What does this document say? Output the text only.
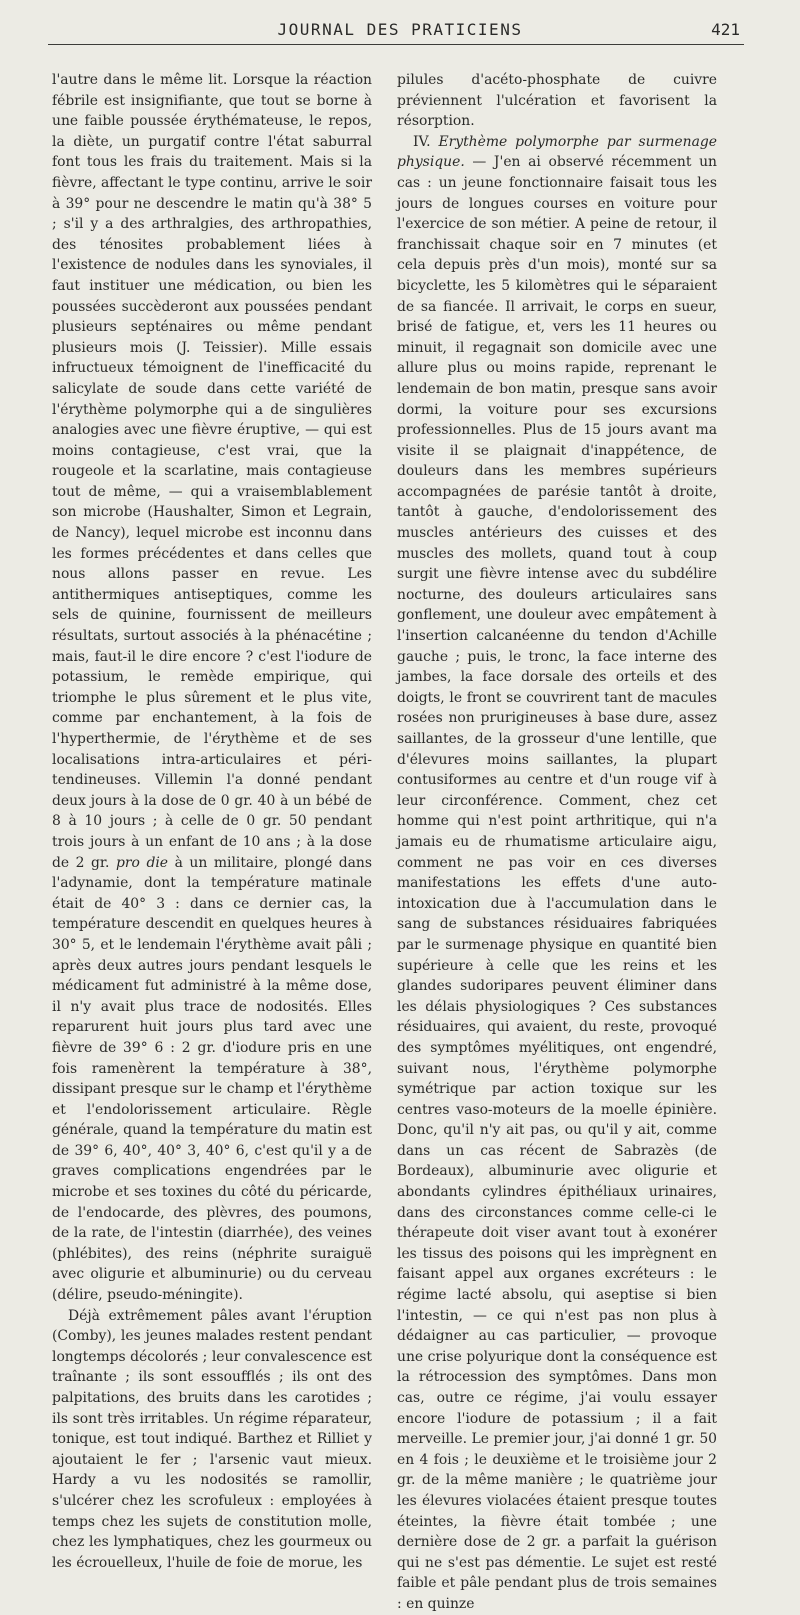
JOURNAL DES PRATICIENS	421

l'autre dans le même lit. Lorsque la réaction fébrile est insignifiante, que tout se borne à une faible poussée érythémateuse, le repos, la diète, un purgatif contre l'état saburral font tous les frais du traitement. Mais si la fièvre, affectant le type continu, arrive le soir à 39° pour ne descendre le matin qu'à 38° 5 ; s'il y a des arthralgies, des arthropathies, des ténosites probablement liées à l'existence de nodules dans les synoviales, il faut instituer une médication, ou bien les poussées succèderont aux poussées pendant plusieurs septénaires ou même pendant plusieurs mois (J. Teissier). Mille essais infructueux témoignent de l'inefficacité du salicylate de soude dans cette variété de l'érythème polymorphe qui a de singulières analogies avec une fièvre éruptive, — qui est moins contagieuse, c'est vrai, que la rougeole et la scarlatine, mais contagieuse tout de même, — qui a vraisemblablement son microbe (Haushalter, Simon et Legrain, de Nancy), lequel microbe est inconnu dans les formes précédentes et dans celles que nous allons passer en revue. Les antithermiques antiseptiques, comme les sels de quinine, fournissent de meilleurs résultats, surtout associés à la phénacétine ; mais, faut-il le dire encore ? c'est l'iodure de potassium, le remède empirique, qui triomphe le plus sûrement et le plus vite, comme par enchantement, à la fois de l'hyperthermie, de l'érythème et de ses localisations intra-articulaires et péri-tendineuses. Villemin l'a donné pendant deux jours à la dose de 0 gr. 40 à un bébé de 8 à 10 jours ; à celle de 0 gr. 50 pendant trois jours à un enfant de 10 ans ; à la dose de 2 gr. pro die à un militaire, plongé dans l'adynamie, dont la température matinale était de 40° 3 : dans ce dernier cas, la température descendit en quelques heures à 30° 5, et le lendemain l'érythème avait pâli ; après deux autres jours pendant lesquels le médicament fut administré à la même dose, il n'y avait plus trace de nodosités. Elles reparurent huit jours plus tard avec une fièvre de 39° 6 : 2 gr. d'iodure pris en une fois ramenèrent la température à 38°, dissipant presque sur le champ et l'érythème et l'endolorissement articulaire. Règle générale, quand la température du matin est de 39° 6, 40°, 40° 3, 40° 6, c'est qu'il y a de graves complications engendrées par le microbe et ses toxines du côté du péricarde, de l'endocarde, des plèvres, des poumons, de la rate, de l'intestin (diarrhée), des veines (phlébites), des reins (néphrite suraiguë avec oligurie et albuminurie) ou du cerveau (délire, pseudo-méningite).

Déjà extrêmement pâles avant l'éruption (Comby), les jeunes malades restent pendant longtemps décolorés ; leur convalescence est traînante ; ils sont essoufflés ; ils ont des palpitations, des bruits dans les carotides ; ils sont très irritables. Un régime réparateur, tonique, est tout indiqué. Barthez et Rilliet y ajoutaient le fer ; l'arsenic vaut mieux. Hardy a vu les nodosités se ramollir, s'ulcérer chez les scrofuleux : employées à temps chez les sujets de constitution molle, chez les lymphatiques, chez les gourmeux ou les écrouelleux, l'huile de foie de morue, les

pilules d'acéto-phosphate de cuivre préviennent l'ulcération et favorisent la résorption.

IV. Erythème polymorphe par surmenage physique. — J'en ai observé récemment un cas : un jeune fonctionnaire faisait tous les jours de longues courses en voiture pour l'exercice de son métier. A peine de retour, il franchissait chaque soir en 7 minutes (et cela depuis près d'un mois), monté sur sa bicyclette, les 5 kilomètres qui le séparaient de sa fiancée. Il arrivait, le corps en sueur, brisé de fatigue, et, vers les 11 heures ou minuit, il regagnait son domicile avec une allure plus ou moins rapide, reprenant le lendemain de bon matin, presque sans avoir dormi, la voiture pour ses excursions professionnelles. Plus de 15 jours avant ma visite il se plaignait d'inappétence, de douleurs dans les membres supérieurs accompagnées de parésie tantôt à droite, tantôt à gauche, d'endolorissement des muscles antérieurs des cuisses et des muscles des mollets, quand tout à coup surgit une fièvre intense avec du subdélire nocturne, des douleurs articulaires sans gonflement, une douleur avec empâtement à l'insertion calcanéenne du tendon d'Achille gauche ; puis, le tronc, la face interne des jambes, la face dorsale des orteils et des doigts, le front se couvrirent tant de macules rosées non prurigineuses à base dure, assez saillantes, de la grosseur d'une lentille, que d'élevures moins saillantes, la plupart contusiformes au centre et d'un rouge vif à leur circonférence. Comment, chez cet homme qui n'est point arthritique, qui n'a jamais eu de rhumatisme articulaire aigu, comment ne pas voir en ces diverses manifestations les effets d'une auto-intoxication due à l'accumulation dans le sang de substances résiduaires fabriquées par le surmenage physique en quantité bien supérieure à celle que les reins et les glandes sudoripares peuvent éliminer dans les délais physiologiques ? Ces substances résiduaires, qui avaient, du reste, provoqué des symptômes myélitiques, ont engendré, suivant nous, l'érythème polymorphe symétrique par action toxique sur les centres vaso-moteurs de la moelle épinière. Donc, qu'il n'y ait pas, ou qu'il y ait, comme dans un cas récent de Sabrazès (de Bordeaux), albuminurie avec oligurie et abondants cylindres épithéliaux urinaires, dans des circonstances comme celle-ci le thérapeute doit viser avant tout à exonérer les tissus des poisons qui les imprègnent en faisant appel aux organes excréteurs : le régime lacté absolu, qui aseptise si bien l'intestin, — ce qui n'est pas non plus à dédaigner au cas particulier, — provoque une crise polyurique dont la conséquence est la rétrocession des symptômes. Dans mon cas, outre ce régime, j'ai voulu essayer encore l'iodure de potassium ; il a fait merveille. Le premier jour, j'ai donné 1 gr. 50 en 4 fois ; le deuxième et le troisième jour 2 gr. de la même manière ; le quatrième jour les élevures violacées étaient presque toutes éteintes, la fièvre était tombée ; une dernière dose de 2 gr. a parfait la guérison qui ne s'est pas démentie. Le sujet est resté faible et pâle pendant plus de trois semaines : en quinze
